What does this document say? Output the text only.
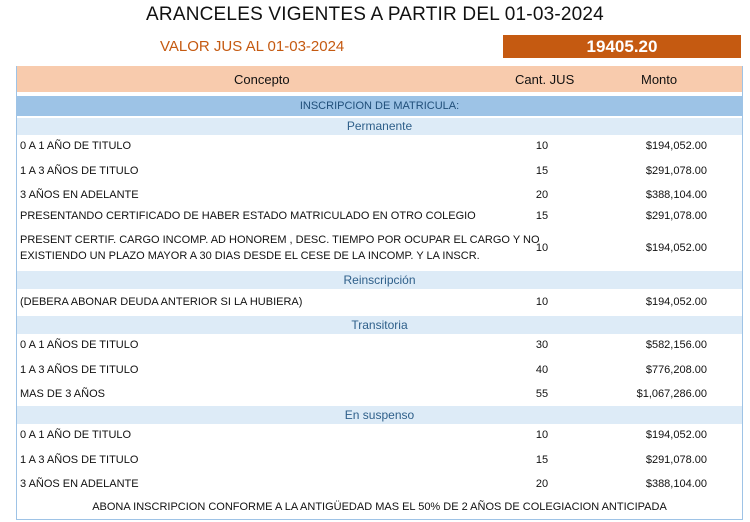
ARANCELES VIGENTES A PARTIR DEL 01-03-2024
VALOR JUS AL 01-03-2024	19405.20
Concepto	Cant. JUS	Monto
INSCRIPCION DE MATRICULA:
Permanente
0 A 1 AÑO DE TITULO	10	$194,052.00
1 A 3 AÑOS DE TITULO	15	$291,078.00
3 AÑOS EN ADELANTE	20	$388,104.00
PRESENTANDO CERTIFICADO DE HABER ESTADO MATRICULADO EN OTRO COLEGIO	15	$291,078.00
PRESENT CERTIF. CARGO INCOMP. AD HONOREM , DESC. TIEMPO POR OCUPAR EL CARGO Y NO
EXISTIENDO UN PLAZO MAYOR A 30 DIAS DESDE EL CESE DE LA INCOMP. Y LA INSCR.
10	$194,052.00
Reinscripción
(DEBERA ABONAR DEUDA ANTERIOR SI LA HUBIERA)	10	$194,052.00
Transitoria
0 A 1 AÑOS DE TITULO	30	$582,156.00
1 A 3 AÑOS DE TITULO	40	$776,208.00
MAS DE 3 AÑOS	55	$1,067,286.00
En suspenso
0 A 1 AÑO DE TITULO	10	$194,052.00
1 A 3 AÑOS DE TITULO	15	$291,078.00
3 AÑOS EN ADELANTE	20	$388,104.00
ABONA INSCRIPCION CONFORME A LA ANTIGÜEDAD MAS EL 50% DE 2 AÑOS DE COLEGIACION ANTICIPADA
